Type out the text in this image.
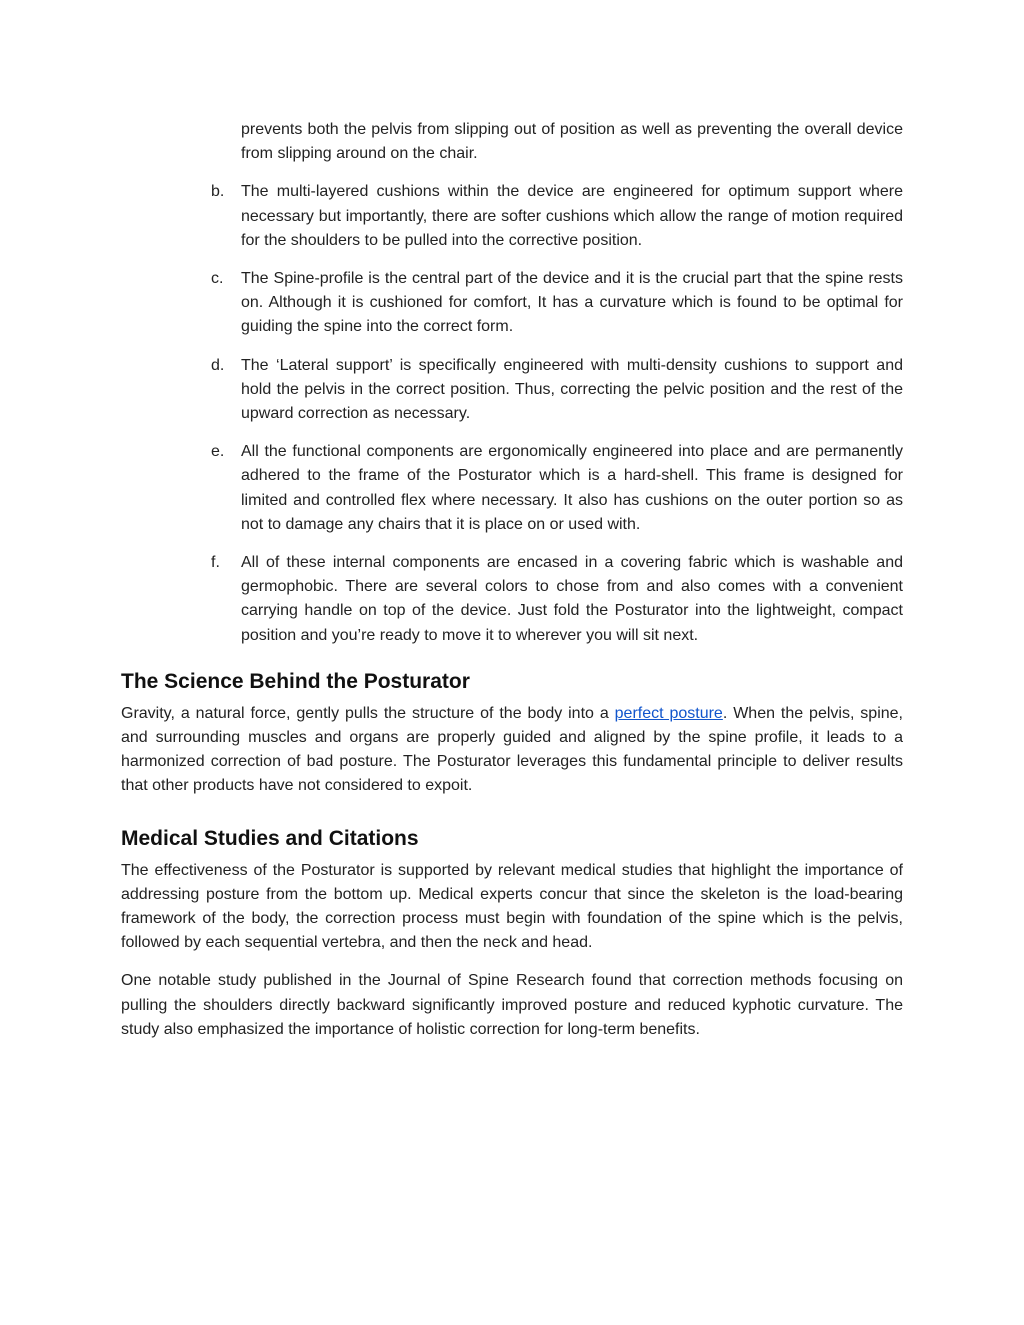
prevents both the pelvis from slipping out of position as well as preventing the overall device from slipping around on the chair.

b.	The multi-layered cushions within the device are engineered for optimum support where necessary but importantly, there are softer cushions which allow the range of motion required for the shoulders to be pulled into the corrective position.

c.	The Spine-profile is the central part of the device and it is the crucial part that the spine rests on. Although it is cushioned for comfort, It has a curvature which is found to be optimal for guiding the spine into the correct form.

d.	The ‘Lateral support’ is specifically engineered with multi-density cushions to support and hold the pelvis in the correct position. Thus, correcting the pelvic position and the rest of the upward correction as necessary.

e.	All the functional components are ergonomically engineered into place and are permanently adhered to the frame of the Posturator which is a hard-shell. This frame is designed for limited and controlled flex where necessary. It also has cushions on the outer portion so as not to damage any chairs that it is place on or used with.

f.	All of these internal components are encased in a covering fabric which is washable and germophobic. There are several colors to chose from and also comes with a convenient carrying handle on top of the device. Just fold the Posturator into the lightweight, compact position and you’re ready to move it to wherever you will sit next.

The Science Behind the Posturator

Gravity, a natural force, gently pulls the structure of the body into a perfect posture. When the pelvis, spine, and surrounding muscles and organs are properly guided and aligned by the spine profile, it leads to a harmonized correction of bad posture. The Posturator leverages this fundamental principle to deliver results that other products have not considered to expoit.

Medical Studies and Citations

The effectiveness of the Posturator is supported by relevant medical studies that highlight the importance of addressing posture from the bottom up. Medical experts concur that since the skeleton is the load-bearing framework of the body, the correction process must begin with foundation of the spine which is the pelvis, followed by each sequential vertebra, and then the neck and head.

One notable study published in the Journal of Spine Research found that correction methods focusing on pulling the shoulders directly backward significantly improved posture and reduced kyphotic curvature. The study also emphasized the importance of holistic correction for long-term benefits.
